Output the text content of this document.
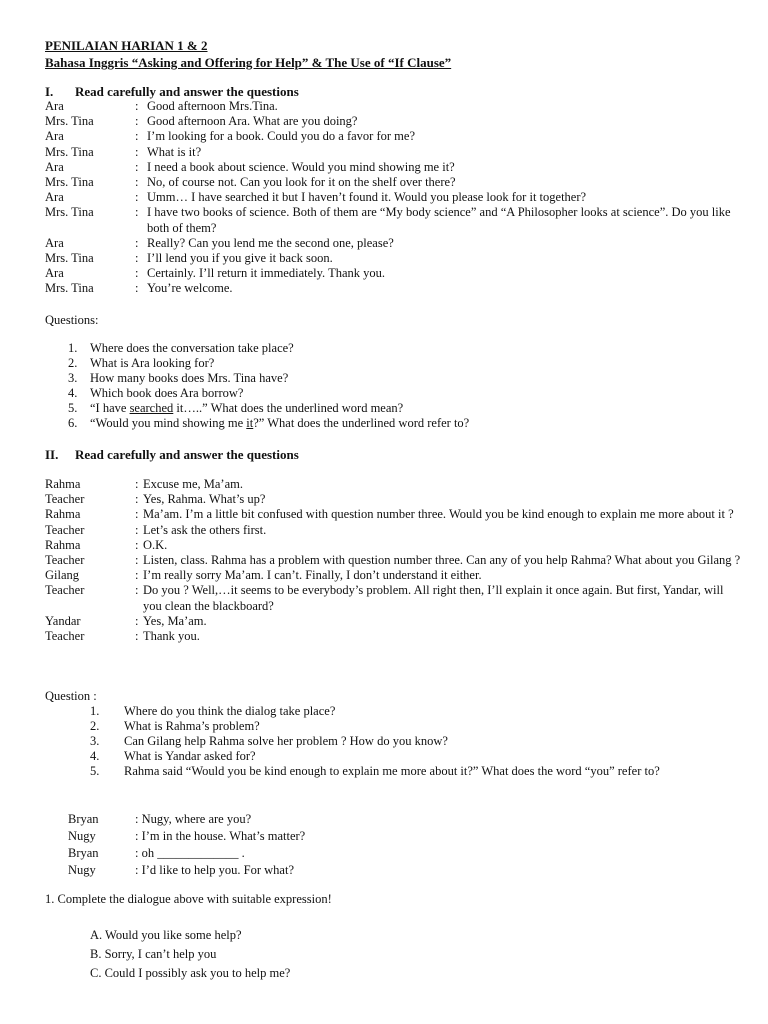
PENILAIAN HARIAN 1 & 2
Bahasa Inggris “Asking and Offering for Help” & The Use of “If Clause”
I. Read carefully and answer the questions
Ara	: Good afternoon Mrs.Tina.
Mrs. Tina	: Good afternoon Ara. What are you doing?
Ara	: I’m looking for a book. Could you do a favor for me?
Mrs. Tina	: What is it?
Ara	: I need a book about science. Would you mind showing me it?
Mrs. Tina	: No, of course not. Can you look for it on the shelf over there?
Ara	: Umm… I have searched it but I haven’t found it. Would you please look for it together?
Mrs. Tina	: I have two books of science. Both of them are “My body science” and “A Philosopher looks at science”. Do you like both of them?
Ara	: Really? Can you lend me the second one, please?
Mrs. Tina	: I’ll lend you if you give it back soon.
Ara	: Certainly. I’ll return it immediately. Thank you.
Mrs. Tina	: You’re welcome.
Questions:
1.	Where does the conversation take place?
2.	What is Ara looking for?
3.	How many books does Mrs. Tina have?
4.	Which book does Ara borrow?
5.	“I have searched it…..” What does the underlined word mean?
6.	“Would you mind showing me it?” What does the underlined word refer to?
II. Read carefully and answer the questions
Rahma	: Excuse me, Ma’am.
Teacher	: Yes, Rahma. What’s up?
Rahma	: Ma’am. I’m a little bit confused with question number three. Would you be kind enough to explain me more about it ?
Teacher	: Let’s ask the others first.
Rahma	: O.K.
Teacher	: Listen, class. Rahma has a problem with question number three. Can any of you help Rahma? What about you Gilang ?
Gilang	: I’m really sorry Ma’am. I can’t. Finally, I don’t understand it either.
Teacher	: Do you ? Well,…it seems to be everybody’s problem. All right then, I’ll explain it once again. But first, Yandar, will you clean the blackboard?
Yandar	: Yes, Ma’am.
Teacher	: Thank you.
Question :
1.	Where do you think the dialog take place?
2.	What is Rahma’s problem?
3.	Can Gilang help Rahma solve her problem ? How do you know?
4.	What is Yandar asked for?
5.	Rahma said “Would you be kind enough to explain me more about it?” What does the word “you” refer to?
Bryan	: Nugy, where are you?
Nugy	: I’m in the house. What’s matter?
Bryan	: oh _____________ .
Nugy	: I’d like to help you. For what?
1. Complete the dialogue above with suitable expression!
A. Would you like some help?
B. Sorry, I can’t help you
C. Could I possibly ask you to help me?
